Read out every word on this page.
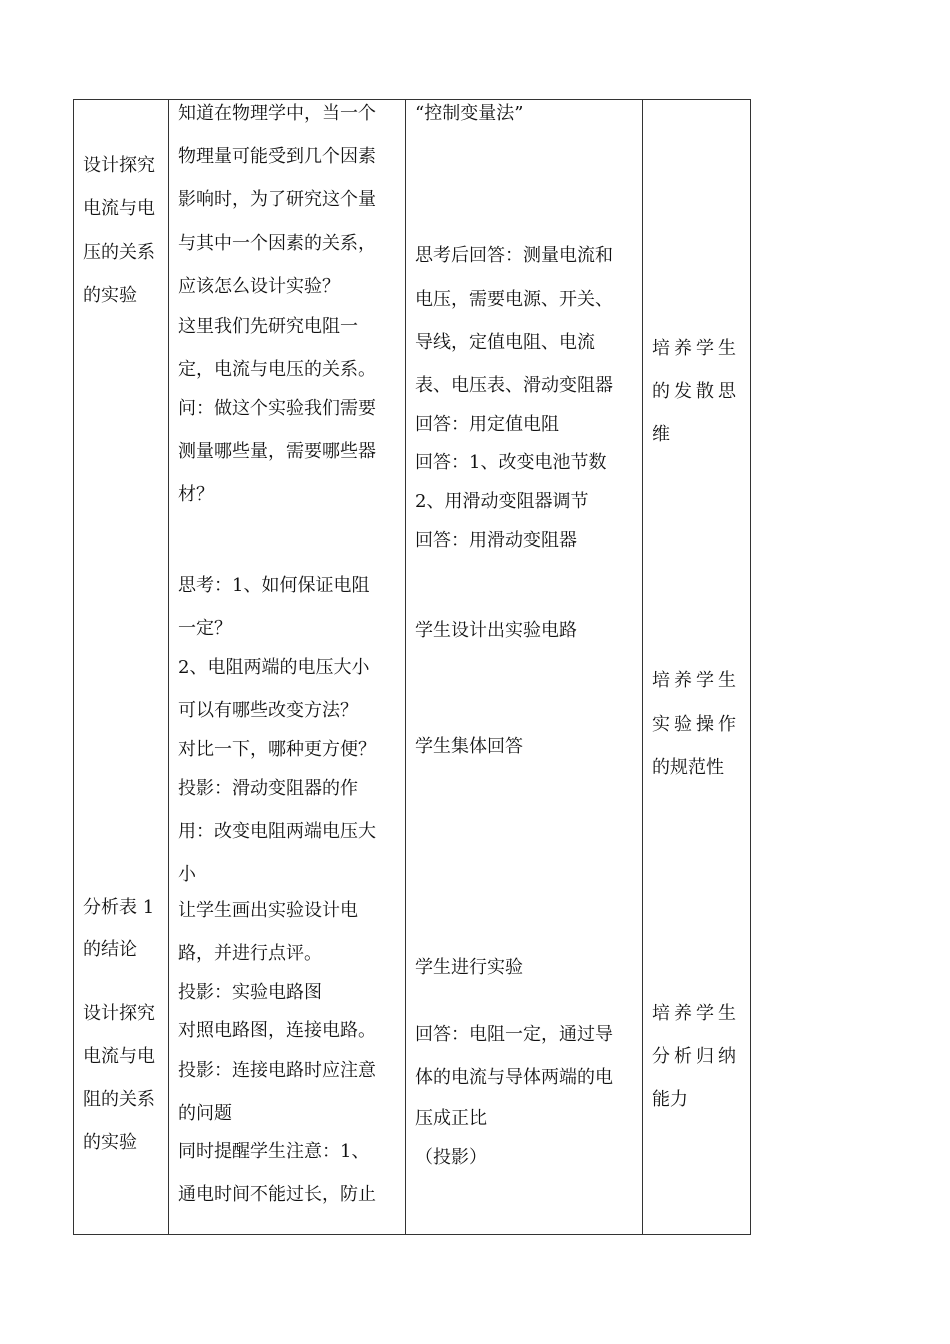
设计探究
电流与电
压的关系
的实验
分析表 1
的结论
设计探究
电流与电
阻的关系
的实验
知道在物理学中，当一个
物理量可能受到几个因素
影响时，为了研究这个量
与其中一个因素的关系，
应该怎么设计实验？
这里我们先研究电阻一
定，电流与电压的关系。
问：做这个实验我们需要
测量哪些量，需要哪些器
材？
思考：1、如何保证电阻
一定？
2、电阻两端的电压大小
可以有哪些改变方法？
对比一下，哪种更方便？
投影：滑动变阻器的作
用：改变电阻两端电压大
小
让学生画出实验设计电
路，并进行点评。
投影：实验电路图
对照电路图，连接电路。
投影：连接电路时应注意
的问题
同时提醒学生注意：1、
通电时间不能过长，防止
“控制变量法”
思考后回答：测量电流和
电压，需要电源、开关、
导线，定值电阻、电流
表、电压表、滑动变阻器
回答：用定值电阻
回答：1、改变电池节数
2、用滑动变阻器调节
回答：用滑动变阻器
学生设计出实验电路
学生集体回答
学生进行实验
回答：电阻一定，通过导
体的电流与导体两端的电
压成正比
（投影）
培养学生
的发散思
维
培养学生
实验操作
的规范性
培养学生
分析归纳
能力
